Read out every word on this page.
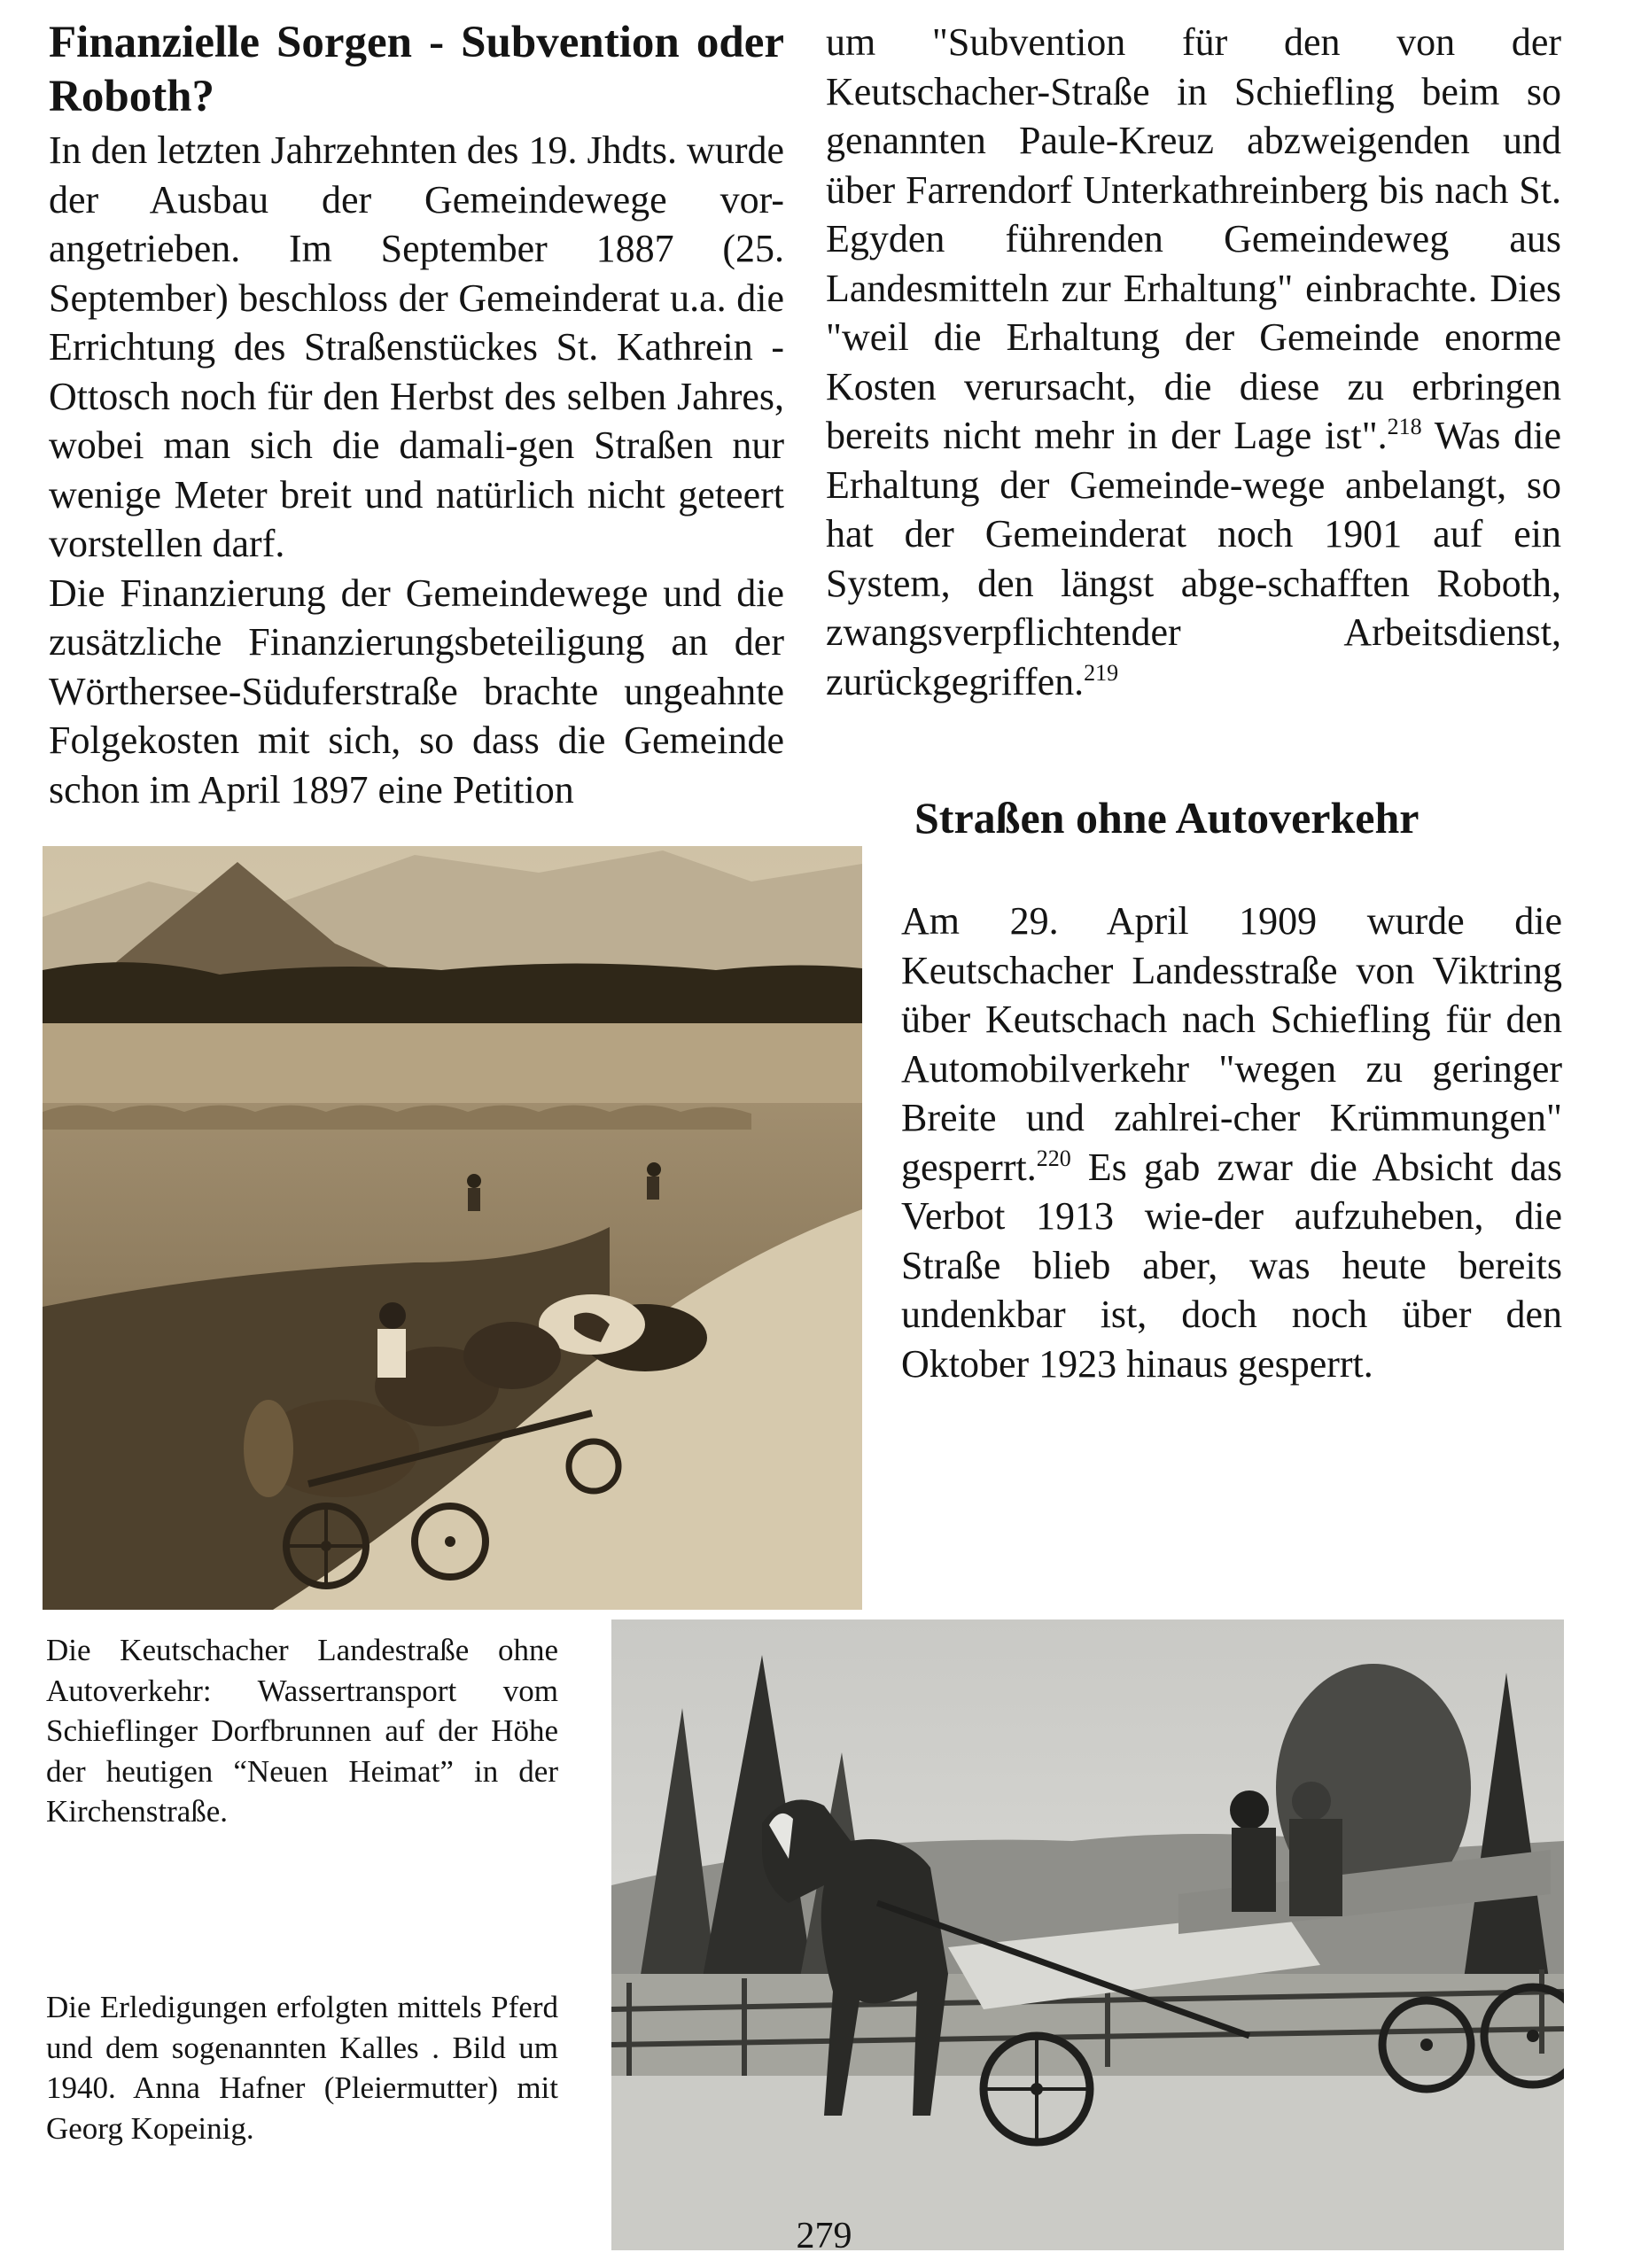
Finanzielle Sorgen - Subvention oder Roboth?

In den letzten Jahrzehnten des 19. Jhdts. wurde der Ausbau der Gemeindewege vor-angetrieben. Im September 1887 (25. September) beschloss der Gemeinderat u.a. die Errichtung des Straßenstückes St. Kathrein - Ottosch noch für den Herbst des selben Jahres, wobei man sich die damali-gen Straßen nur wenige Meter breit und natürlich nicht geteert vorstellen darf.

Die Finanzierung der Gemeindewege und die zusätzliche Finanzierungsbeteiligung an der Wörthersee-Süduferstraße brachte ungeahnte Folgekosten mit sich, so dass die Gemeinde schon im April 1897 eine Petition

um "Subvention für den von der Keutschacher-Straße in Schiefling beim so genannten Paule-Kreuz abzweigenden und über Farrendorf Unterkathreinberg bis nach St. Egyden führenden Gemeindeweg aus Landesmitteln zur Erhaltung" einbrachte. Dies "weil die Erhaltung der Gemeinde enorme Kosten verursacht, die diese zu erbringen bereits nicht mehr in der Lage ist".$^{218}$ Was die Erhaltung der Gemeinde-wege anbelangt, so hat der Gemeinderat noch 1901 auf ein System, den längst abge-schafften Roboth, zwangsverpflichtender Arbeitsdienst, zurückgegriffen.$^{219}$

Straßen ohne Autoverkehr

Am 29. April 1909 wurde die Keutschacher Landesstraße von Viktring über Keutschach nach Schiefling für den Automobilverkehr "wegen zu geringer Breite und zahlrei-cher Krümmungen" gesperrt.$^{220}$ Es gab zwar die Absicht das Verbot 1913 wie-der aufzuheben, die Straße blieb aber, was heute bereits undenkbar ist, doch noch über den Oktober 1923 hinaus gesperrt.

Die Keutschacher Landestraße ohne Autoverkehr: Wassertransport vom Schieflinger Dorfbrunnen auf der Höhe der heutigen “Neuen Heimat” in der Kirchenstraße.

Die Erledigungen erfolgten mittels Pferd und dem sogenannten Kalles . Bild um 1940. Anna Hafner (Pleiermutter) mit Georg Kopeinig.

279
